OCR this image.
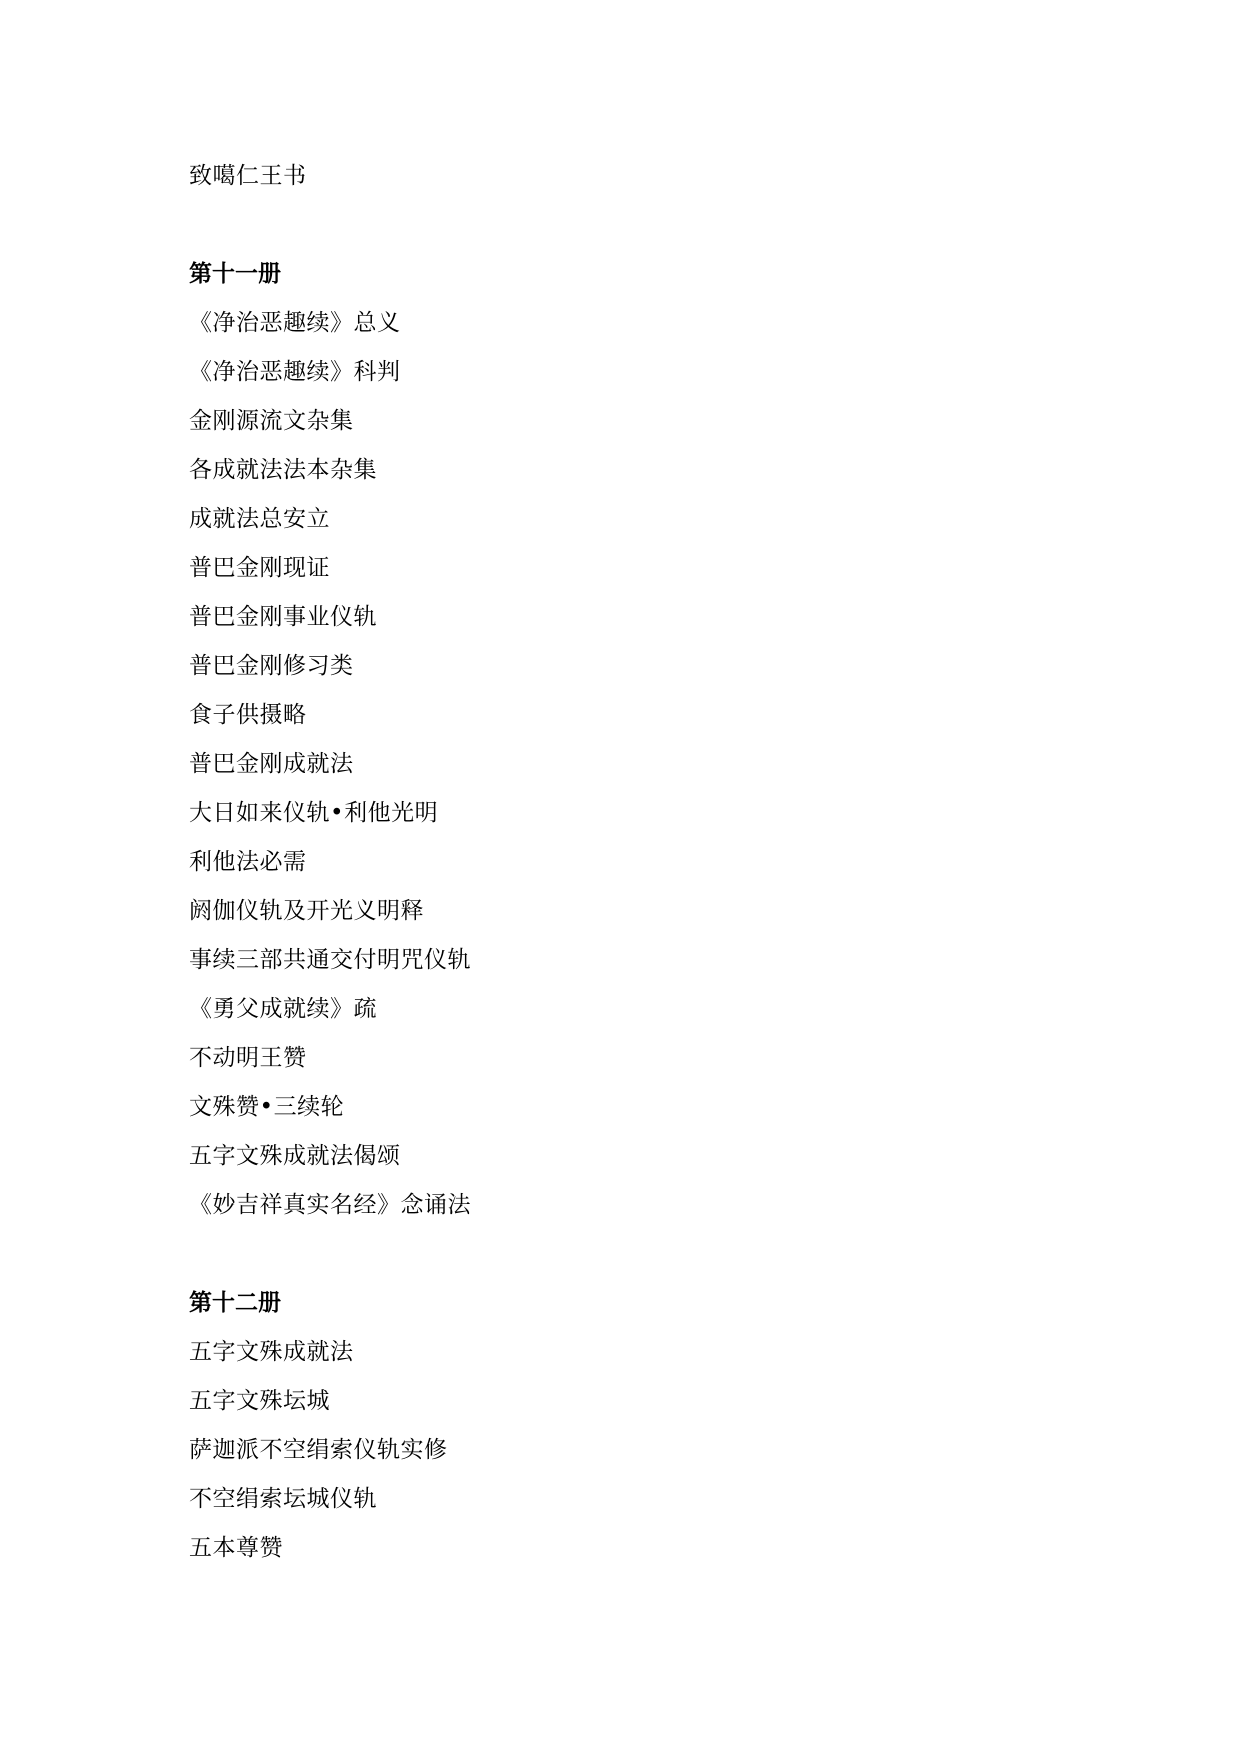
致噶仁王书
第十一册
《净治恶趣续》总义
《净治恶趣续》科判
金刚源流文杂集
各成就法法本杂集
成就法总安立
普巴金刚现证
普巴金刚事业仪轨
普巴金刚修习类
食子供摄略
普巴金刚成就法
大日如来仪轨•利他光明
利他法必需
阏伽仪轨及开光义明释
事续三部共通交付明咒仪轨
《勇父成就续》疏
不动明王赞
文殊赞•三续轮
五字文殊成就法偈颂
《妙吉祥真实名经》念诵法
第十二册
五字文殊成就法
五字文殊坛城
萨迦派不空绢索仪轨实修
不空绢索坛城仪轨
五本尊赞
